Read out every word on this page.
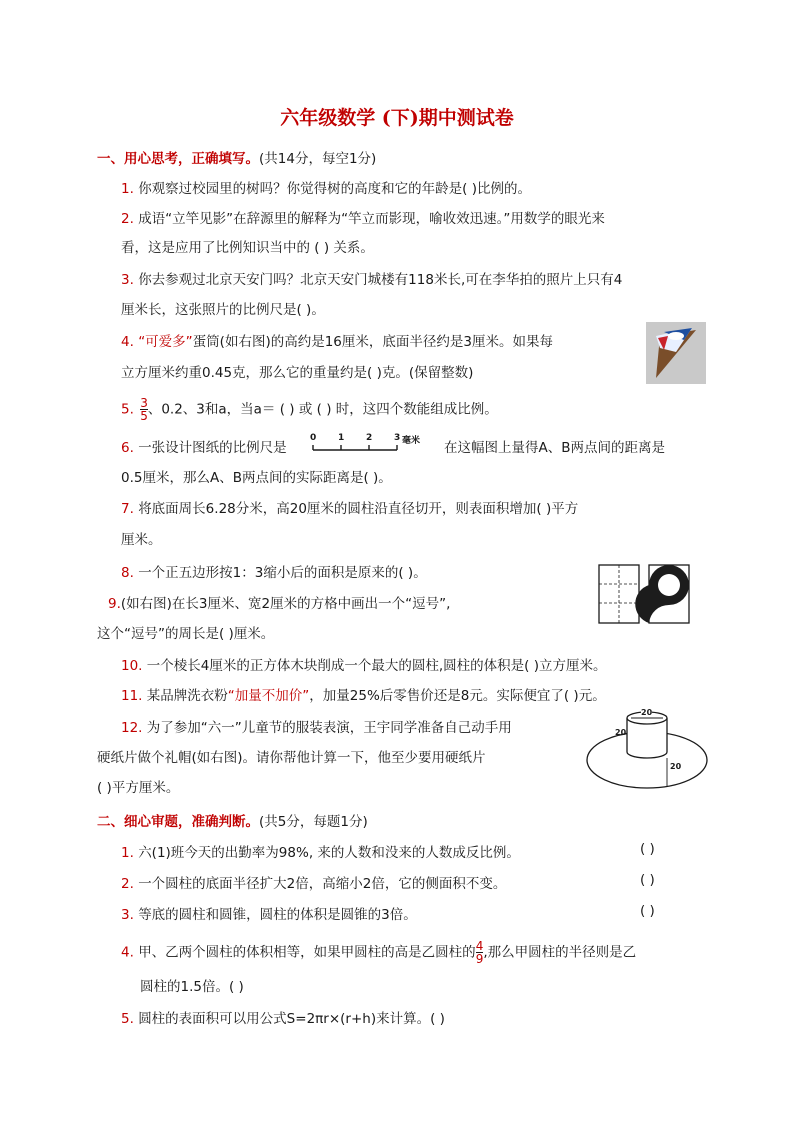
六年级数学 (下)期中测试卷
一、用心思考，正确填写。(共14分，每空1分)
1. 你观察过校园里的树吗？你觉得树的高度和它的年龄是( )比例的。
2. 成语“立竿见影”在辞源里的解释为“竿立而影现，喻收效迅速。”用数学的眼光来
看，这是应用了比例知识当中的 ( ) 关系。
3. 你去参观过北京天安门吗？北京天安门城楼有118米长,可在李华拍的照片上只有4
厘米长，这张照片的比例尺是( )。
4. “可爱多”蛋筒(如右图)的高约是16厘米，底面半径约是3厘米。如果每
立方厘米约重0.45克，那么它的重量约是( )克。(保留整数)
5. $\frac{3}{5}$ 、0.2、3和a，当a＝ ( ) 或 ( ) 时，这四个数能组成比例。
6. 一张设计图纸的比例尺是
0 1 2 3 毫米 在这幅图上量得A、B两点间的距离是
0.5厘米，那么A、B两点间的实际距离是( )。
7. 将底面周长6.28分米，高20厘米的圆柱沿直径切开，则表面积增加( )平方
厘米。
8. 一个正五边形按1：3缩小后的面积是原来的( )。
9.(如右图)在长3厘米、宽2厘米的方格中画出一个“逗号”,
这个“逗号”的周长是( )厘米。
10. 一个棱长4厘米的正方体木块削成一个最大的圆柱,圆柱的体积是( )立方厘米。
11. 某品牌洗衣粉“加量不加价”，加量25%后零售价还是8元。实际便宜了( )元。
12. 为了参加“六一”儿童节的服装表演，王宇同学准备自己动手用
硬纸片做个礼帽(如右图)。请你帮他计算一下，他至少要用硬纸片
( )平方厘米。
20
20
20
二、细心审题，准确判断。(共5分，每题1分)
1. 六(1)班今天的出勤率为98%, 来的人数和没来的人数成反比例。	( )
2. 一个圆柱的底面半径扩大2倍，高缩小2倍，它的侧面积不变。	( )
3. 等底的圆柱和圆锥，圆柱的体积是圆锥的3倍。	( )
4. 甲、乙两个圆柱的体积相等，如果甲圆柱的高是乙圆柱的 $\frac{4}{9}$ ,那么甲圆柱的半径则是乙
圆柱的1.5倍。( )
5. 圆柱的表面积可以用公式S=2πr×(r+h)来计算。( )
